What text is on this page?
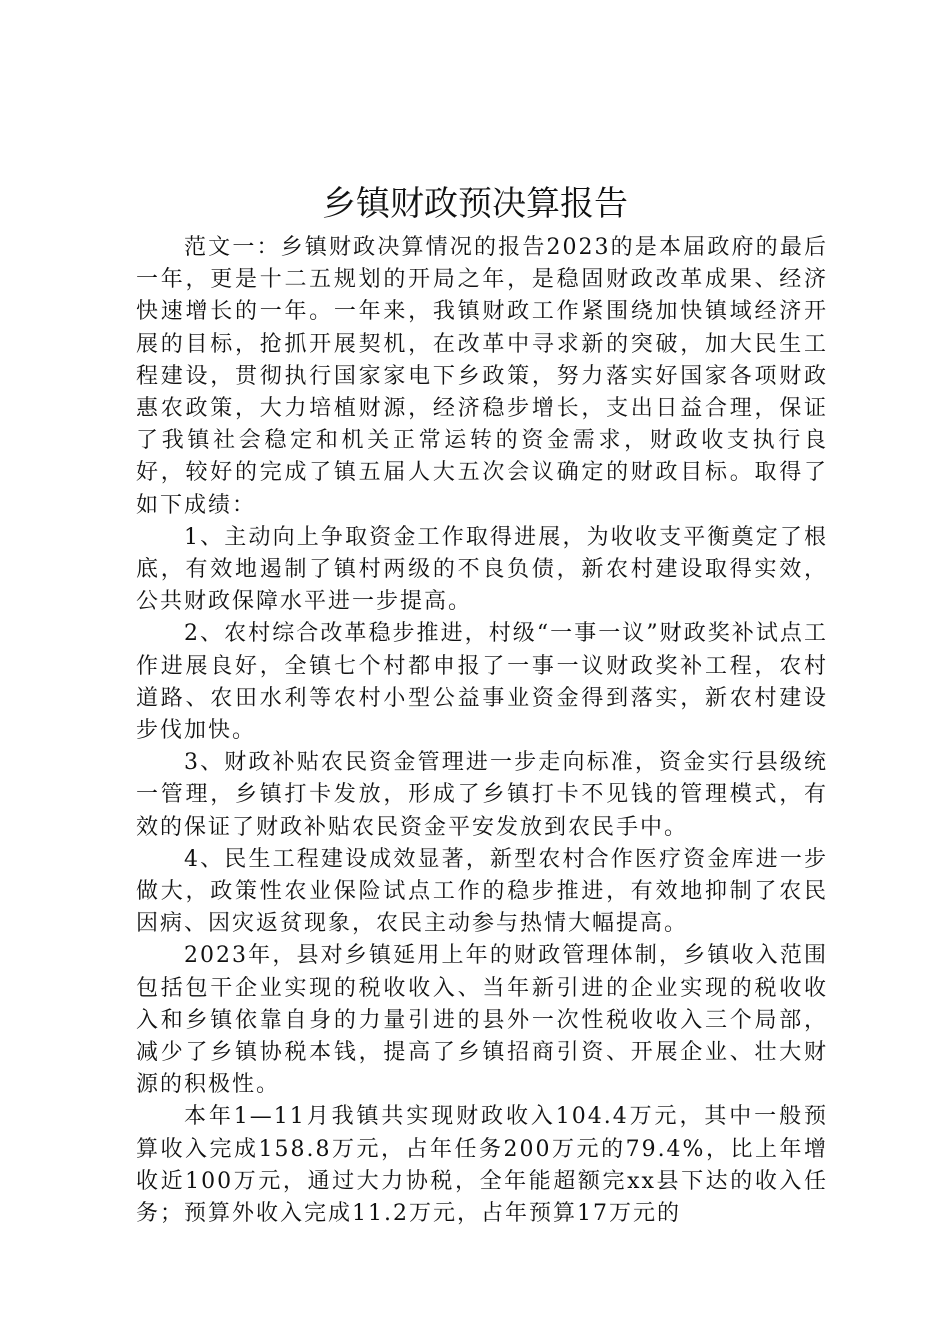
乡镇财政预决算报告

范文一：乡镇财政决算情况的报告2023的是本届政府的最后一年，更是十二五规划的开局之年，是稳固财政改革成果、经济快速增长的一年。一年来，我镇财政工作紧围绕加快镇域经济开展的目标，抢抓开展契机，在改革中寻求新的突破，加大民生工程建设，贯彻执行国家家电下乡政策，努力落实好国家各项财政惠农政策，大力培植财源，经济稳步增长，支出日益合理，保证了我镇社会稳定和机关正常运转的资金需求，财政收支执行良好，较好的完成了镇五届人大五次会议确定的财政目标。取得了如下成绩：

1、主动向上争取资金工作取得进展，为收收支平衡奠定了根底，有效地遏制了镇村两级的不良负债，新农村建设取得实效，公共财政保障水平进一步提高。

2、农村综合改革稳步推进，村级“一事一议”财政奖补试点工作进展良好，全镇七个村都申报了一事一议财政奖补工程，农村道路、农田水利等农村小型公益事业资金得到落实，新农村建设步伐加快。

3、财政补贴农民资金管理进一步走向标准，资金实行县级统一管理，乡镇打卡发放，形成了乡镇打卡不见钱的管理模式，有效的保证了财政补贴农民资金平安发放到农民手中。

4、民生工程建设成效显著，新型农村合作医疗资金库进一步做大，政策性农业保险试点工作的稳步推进，有效地抑制了农民因病、因灾返贫现象，农民主动参与热情大幅提高。

2023年，县对乡镇延用上年的财政管理体制，乡镇收入范围包括包干企业实现的税收收入、当年新引进的企业实现的税收收入和乡镇依靠自身的力量引进的县外一次性税收收入三个局部，减少了乡镇协税本钱，提高了乡镇招商引资、开展企业、壮大财源的积极性。

本年1—11月我镇共实现财政收入104.4万元，其中一般预算收入完成158.8万元，占年任务200万元的79.4%，比上年增收近100万元，通过大力协税，全年能超额完xx县下达的收入任务；预算外收入完成11.2万元，占年预算17万元的
